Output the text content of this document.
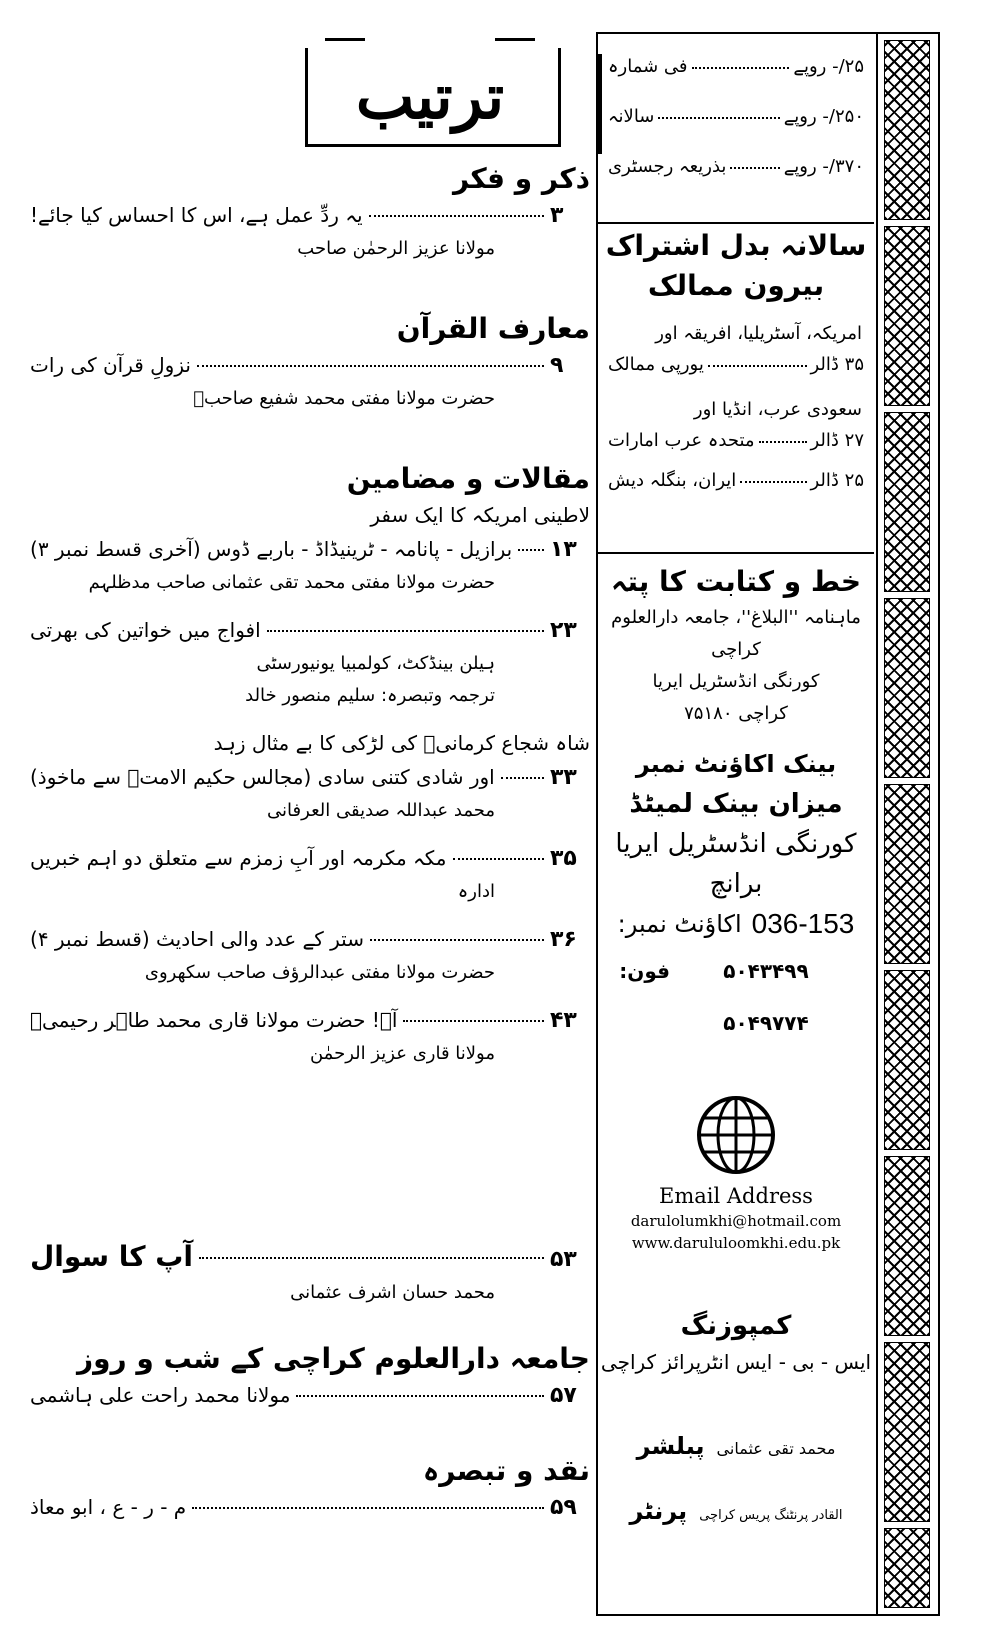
ترتیب
ذکر و فکر
یہ ردِّ عمل ہے، اس کا احساس کیا جائے!	۳
مولانا عزیز الرحمٰن صاحب
معارف القرآن
نزولِ قرآن کی رات	۹
حضرت مولانا مفتی محمد شفیع صاحبؒ
مقالات و مضامین
لاطینی امریکہ کا ایک سفر
برازیل - پانامہ - ٹرینیڈاڈ - باربے ڈوس (آخری قسط نمبر ۳) ۱۳
حضرت مولانا مفتی محمد تقی عثمانی صاحب مدظلہم
افواج میں خواتین کی بھرتی	۲۳
ہیلن بینڈکٹ، کولمبیا یونیورسٹی
ترجمہ وتبصرہ: سلیم منصور خالد
شاہ شجاع کرمانیؒ کی لڑکی کا بے مثال زہد
اور شادی کتنی سادی (مجالس حکیم الامتؒ سے ماخوذ)	۳۳
محمد عبداللہ صدیقی العرفانی
مکہ مکرمہ اور آبِ زمزم سے متعلق دو اہم خبریں	۳۵
ادارہ
ستر کے عدد والی احادیث (قسط نمبر ۴)	۳۶
حضرت مولانا مفتی عبدالرؤف صاحب سکھروی
آہ! حضرت مولانا قاری محمد طاہر رحیمیؒ	۴۳
مولانا قاری عزیز الرحمٰن
آپ کا سوال	۵۳
محمد حسان اشرف عثمانی
جامعہ دارالعلوم کراچی کے شب و روز
مولانا محمد راحت علی ہاشمی	۵۷
نقد و تبصرہ
م - ر - ع ، ابو معاذ	۵۹
فی شمارہ	۲۵/- روپے
سالانہ	۲۵۰/- روپے
بذریعہ رجسٹری	۳۷۰/- روپے
سالانہ بدل اشتراک
بیرون ممالک
امریکہ، آسٹریلیا، افریقہ اور
یورپی ممالک	۳۵ ڈالر
سعودی عرب، انڈیا اور
متحدہ عرب امارات	۲۷ ڈالر
ایران، بنگلہ دیش	۲۵ ڈالر
خط و کتابت کا پتہ
ماہنامہ ''البلاغ''، جامعہ دارالعلوم کراچی
کورنگی انڈسٹریل ایریا
کراچی ۷۵۱۸۰
بینک اکاؤنٹ نمبر
میزان بینک لمیٹڈ
کورنگی انڈسٹریل ایریا برانچ
اکاؤنٹ نمبر: 036-153
فون:	۵۰۴۳۴۹۹
۵۰۴۹۷۷۴
Email Address
darulolumkhi@hotmail.com
www.darululoomkhi.edu.pk
کمپوزنگ
ایس - بی - ایس انٹرپرائز کراچی
پبلشر محمد تقی عثمانی
پرنٹر القادر پرنٹنگ پریس کراچی
